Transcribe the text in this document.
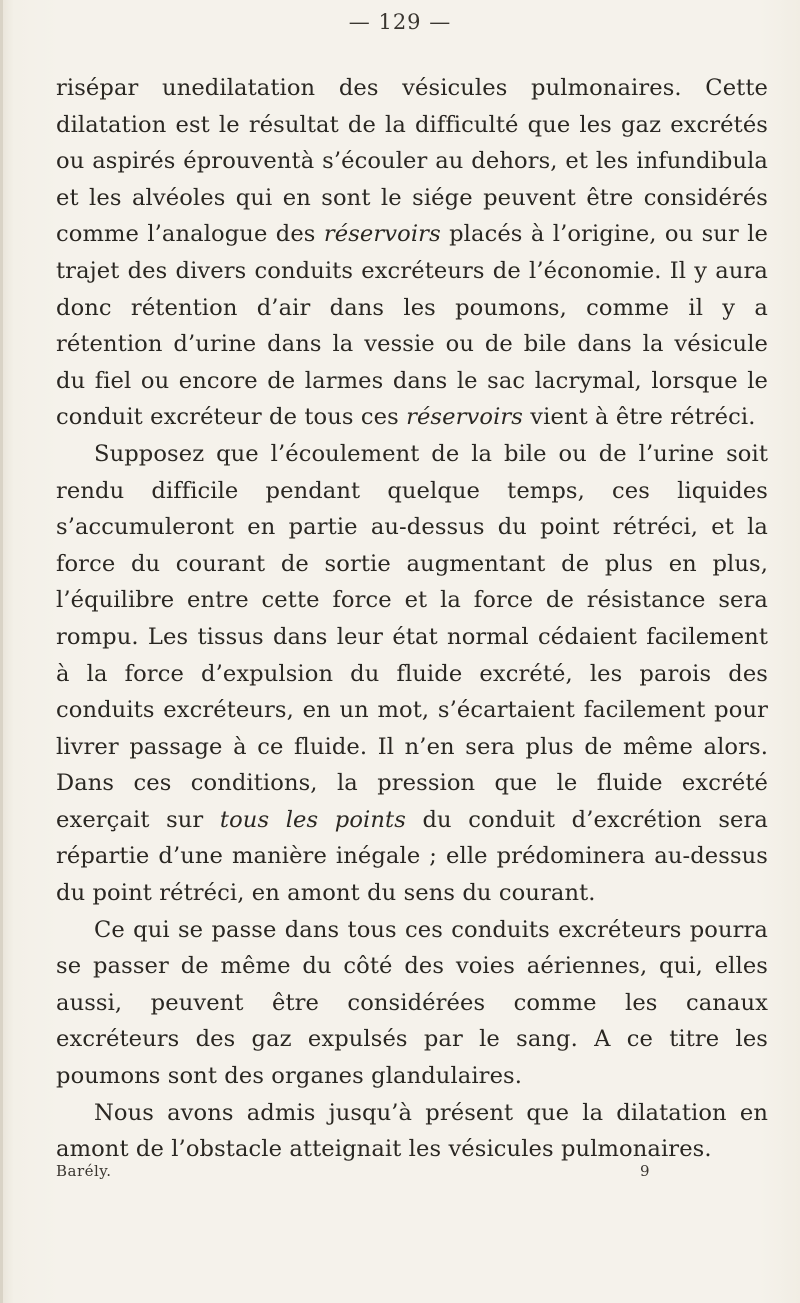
— 129 —

risépar unedilatation des vésicules pulmonaires. Cette dilatation est le résultat de la difficulté que les gaz excrétés ou aspirés éprouventà s’écouler au dehors, et les infundibula et les alvéoles qui en sont le siége peuvent être considérés comme l’analogue des réservoirs placés à l’origine, ou sur le trajet des divers conduits excréteurs de l’économie. Il y aura donc rétention d’air dans les poumons, comme il y a rétention d’urine dans la vessie ou de bile dans la vésicule du fiel ou encore de larmes dans le sac lacrymal, lorsque le conduit excréteur de tous ces réservoirs vient à être rétréci.

Supposez que l’écoulement de la bile ou de l’urine soit rendu difficile pendant quelque temps, ces liquides s’accumuleront en partie au-dessus du point rétréci, et la force du courant de sortie augmentant de plus en plus, l’équilibre entre cette force et la force de résistance sera rompu. Les tissus dans leur état normal cédaient facilement à la force d’expulsion du fluide excrété, les parois des conduits excréteurs, en un mot, s’écartaient facilement pour livrer passage à ce fluide. Il n’en sera plus de même alors. Dans ces conditions, la pression que le fluide excrété exerçait sur tous les points du conduit d’excrétion sera répartie d’une manière inégale ; elle prédominera au-dessus du point rétréci, en amont du sens du courant.

Ce qui se passe dans tous ces conduits excréteurs pourra se passer de même du côté des voies aériennes, qui, elles aussi, peuvent être considérées comme les canaux excréteurs des gaz expulsés par le sang. A ce titre les poumons sont des organes glandulaires.

Nous avons admis jusqu’à présent que la dilatation en amont de l’obstacle atteignait les vésicules pulmonaires.

Barély.	9
